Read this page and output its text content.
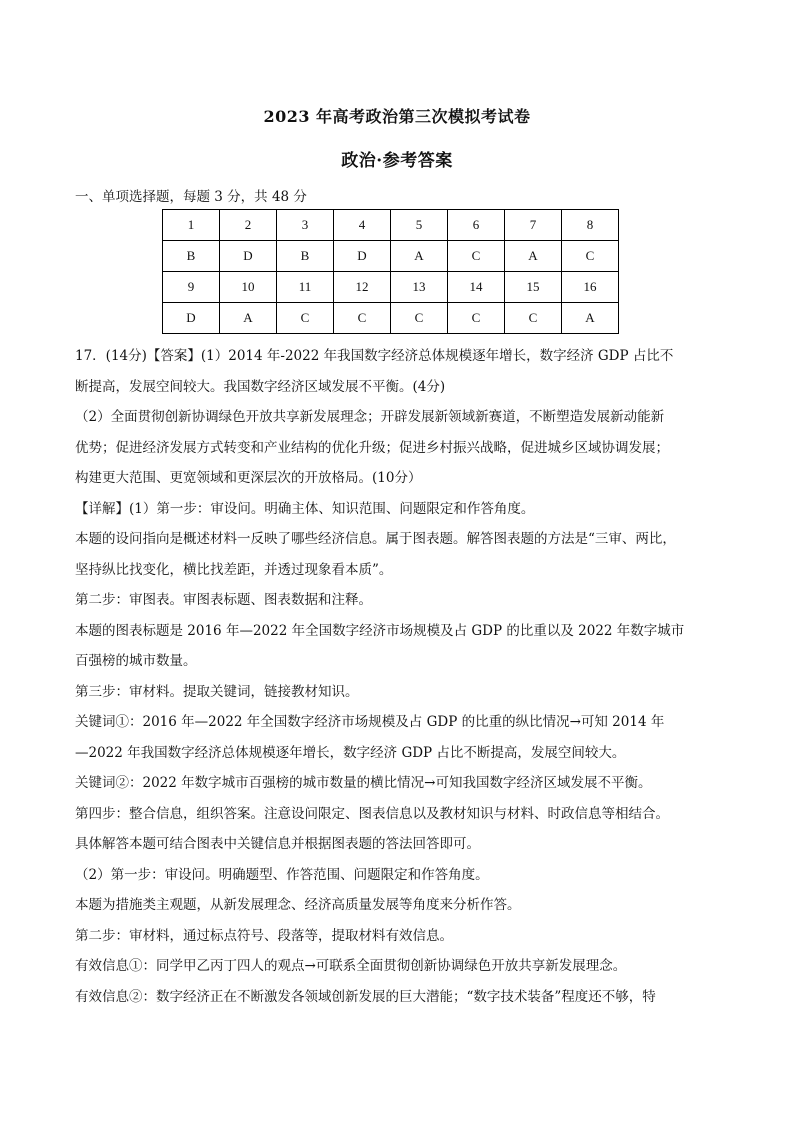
2023 年高考政治第三次模拟考试卷
政治·参考答案
一、单项选择题，每题 3 分，共 48 分
1	2	3	4	5	6	7	8
B	D	B	D	A	C	A	C
9	10	11	12	13	14	15	16
D	A	C	C	C	C	C	A

17．(14分)【答案】(1）2014 年-2022 年我国数字经济总体规模逐年增长，数字经济 GDP 占比不

断提高，发展空间较大。我国数字经济区域发展不平衡。(4分)

（2）全面贯彻创新协调绿色开放共享新发展理念；开辟发展新领域新赛道，不断塑造发展新动能新

优势；促进经济发展方式转变和产业结构的优化升级；促进乡村振兴战略，促进城乡区域协调发展；

构建更大范围、更宽领域和更深层次的开放格局。(10分）

【详解】(1）第一步：审设问。明确主体、知识范围、问题限定和作答角度。

本题的设问指向是概述材料一反映了哪些经济信息。属于图表题。解答图表题的方法是“三审、两比，

坚持纵比找变化，横比找差距，并透过现象看本质”。

第二步：审图表。审图表标题、图表数据和注释。

本题的图表标题是 2016 年—2022 年全国数字经济市场规模及占 GDP 的比重以及 2022 年数字城市

百强榜的城市数量。

第三步：审材料。提取关键词，链接教材知识。

关键词①：2016 年—2022 年全国数字经济市场规模及占 GDP 的比重的纵比情况→可知 2014 年

—2022 年我国数字经济总体规模逐年增长，数字经济 GDP 占比不断提高，发展空间较大。

关键词②：2022 年数字城市百强榜的城市数量的横比情况→可知我国数字经济区域发展不平衡。

第四步：整合信息，组织答案。注意设问限定、图表信息以及教材知识与材料、时政信息等相结合。

具体解答本题可结合图表中关键信息并根据图表题的答法回答即可。

（2）第一步：审设问。明确题型、作答范围、问题限定和作答角度。

本题为措施类主观题，从新发展理念、经济高质量发展等角度来分析作答。

第二步：审材料，通过标点符号、段落等，提取材料有效信息。

有效信息①：同学甲乙丙丁四人的观点→可联系全面贯彻创新协调绿色开放共享新发展理念。

有效信息②：数字经济正在不断激发各领域创新发展的巨大潜能；“数字技术装备”程度还不够，特
